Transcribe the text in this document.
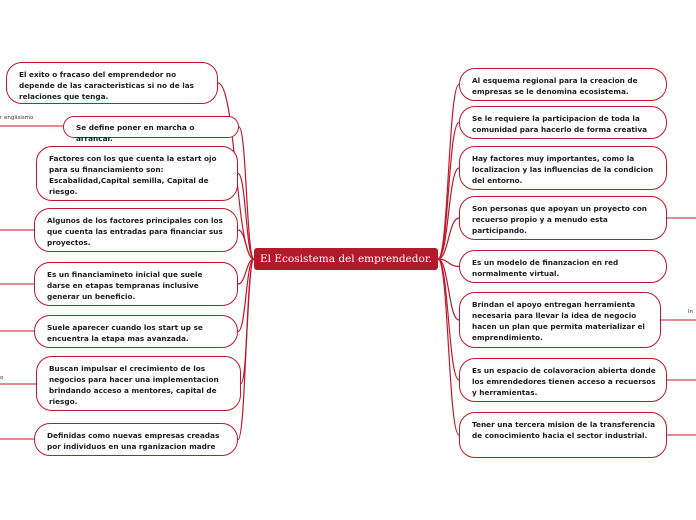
El Ecosistema del emprendedor.
El exito o fracaso del emprendedor no depende de las caracteristicas si no de las relaciones que tenga.
Se define poner en marcha o arrancar.
Factores con los que cuenta la estart ojo para su financiamiento son: Escabalidad,Capital semilla, Capital de riesgo.
Algunos de los factores principales con los que cuenta las entradas para financiar sus proyectos.
Es un financiamineto inicial que suele darse en etapas tempranas inclusive generar un beneficio.
Suele aparecer cuando los start up se encuentra la etapa mas avanzada.
Buscan impulsar el crecimiento de los negocios para hacer una implementacion brindando acceso a mentores, capital de riesgo.
Definidas como nuevas empresas creadas por individuos en una rganizacion madre
Al esquema regional para la creacion de empresas se le denomina ecosistema.
Se le requiere la participacion de toda la comunidad para hacerlo de forma creativa
Hay factores muy importantes, como la localizacion y las influencias de la condicion del entorno.
Son personas que apoyan un proyecto con recuerso propio y a menudo esta participando.
Es un modelo de finanzacion en red normalmente virtual.
Brindan el apoyo entregan herramienta necesaria para llevar la idea de negocio hacen un plan que permita materializar el emprendimiento.
Es un espacio de colavoracion abierta donde los emrendedores tienen acceso a recuersos y herramientas.
Tener una tercera mision de la transferencia de conocimiento hacia el sector industrial.
r englisismo
o
In
